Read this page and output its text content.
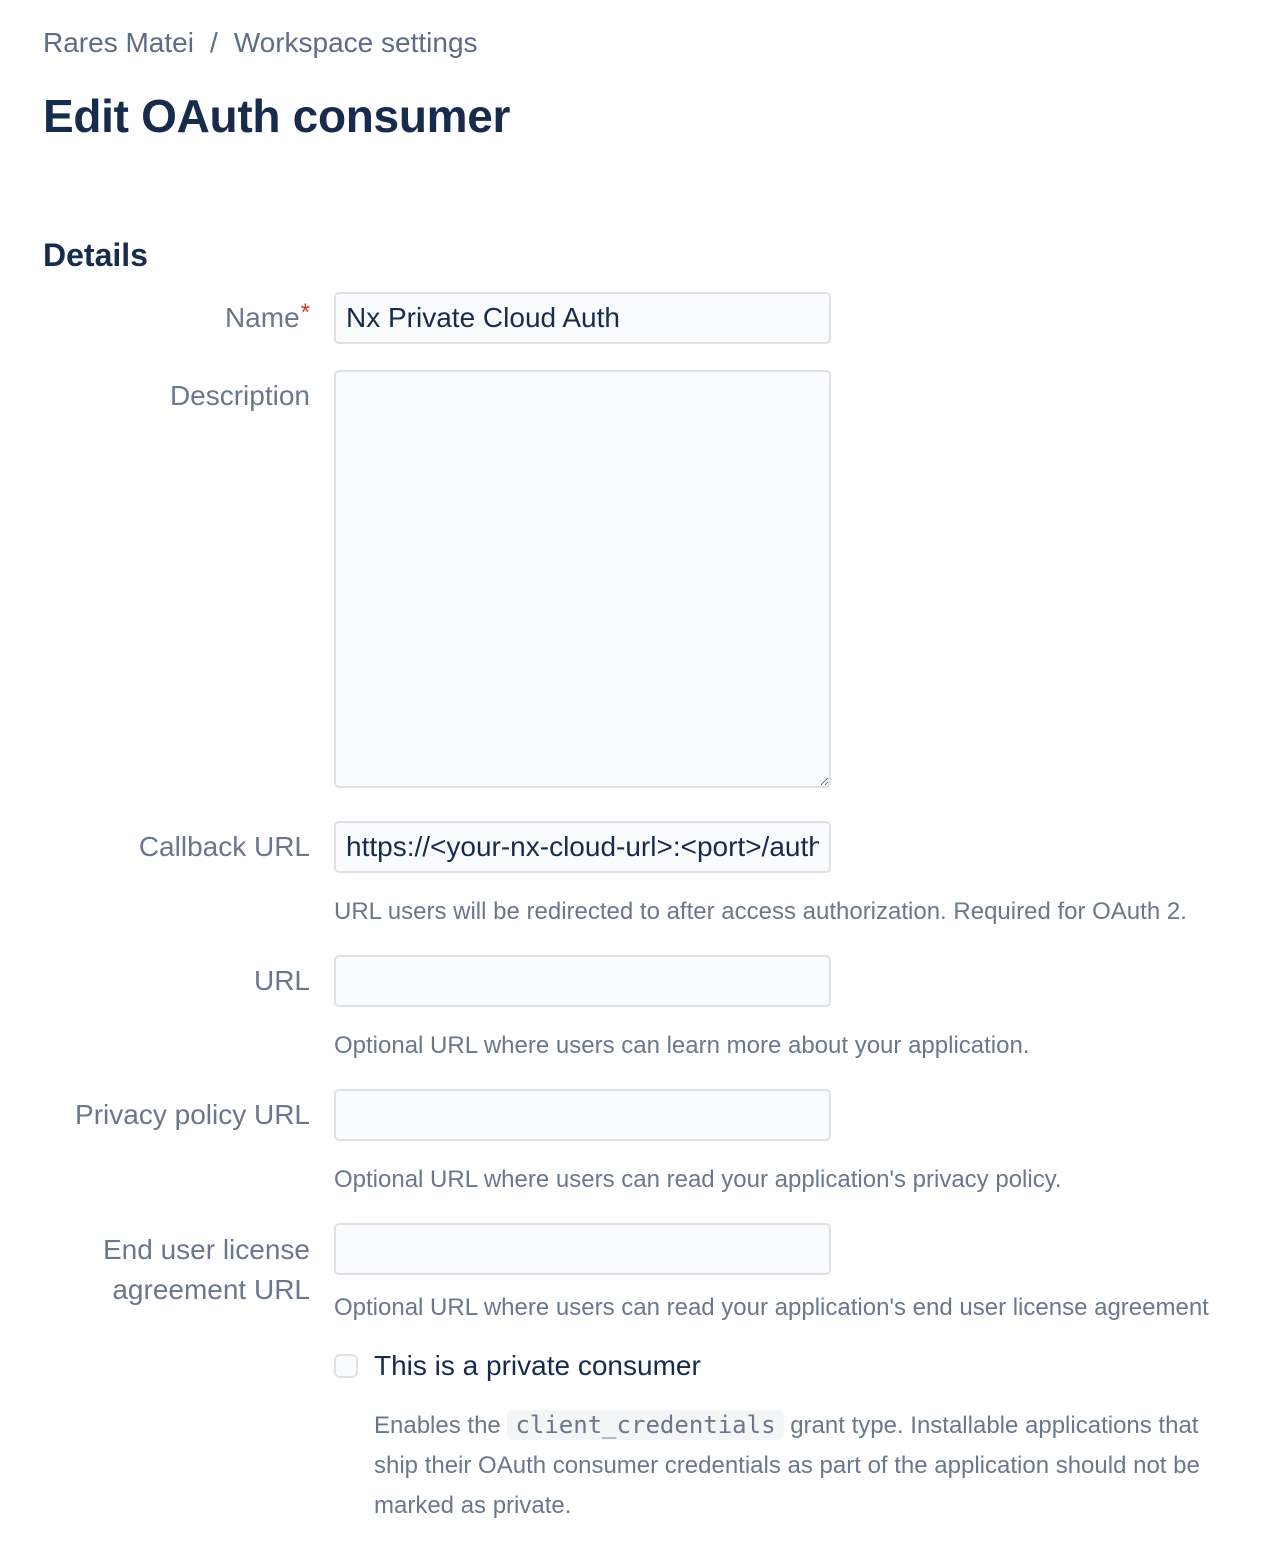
Rares Matei / Workspace settings
Edit OAuth consumer
Details
Name*
Nx Private Cloud Auth
Description
Callback URL
https://<your-nx-cloud-url>:<port>/auth
URL users will be redirected to after access authorization. Required for OAuth 2.
URL
Optional URL where users can learn more about your application.
Privacy policy URL
Optional URL where users can read your application's privacy policy.
End user license agreement URL
Optional URL where users can read your application's end user license agreement
This is a private consumer
Enables the client_credentials grant type. Installable applications that ship their OAuth consumer credentials as part of the application should not be marked as private.
